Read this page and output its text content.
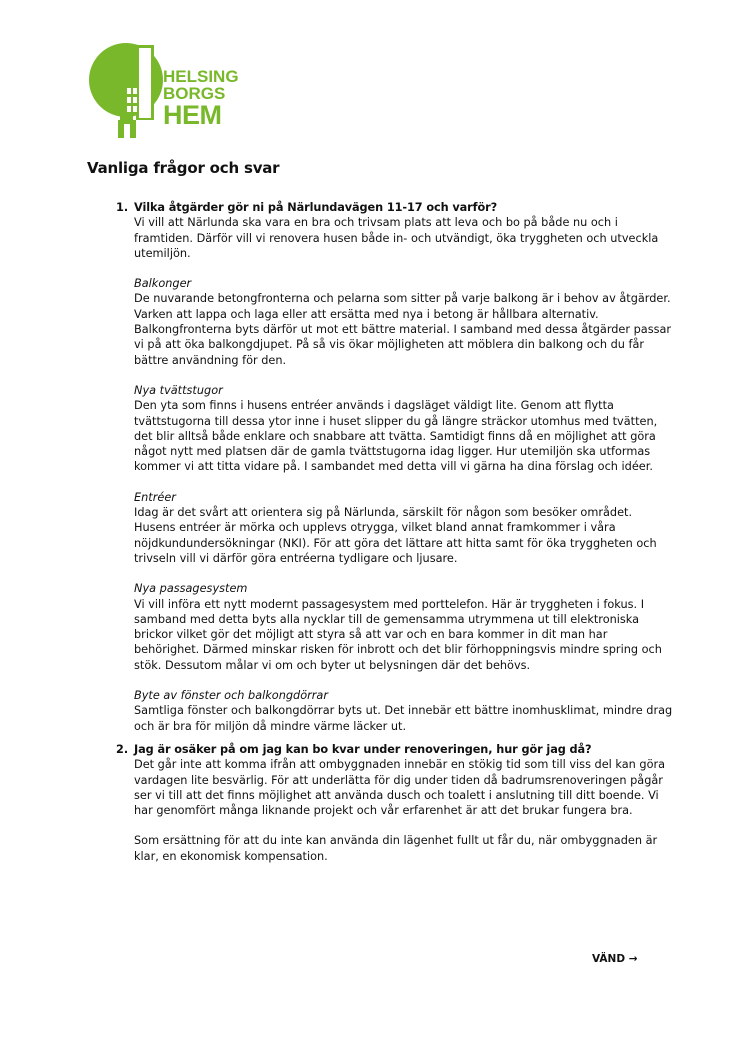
HELSING
BORGS
HEM
Vanliga frågor och svar
1. Vilka åtgärder gör ni på Närlundavägen 11-17 och varför?

Vi vill att Närlunda ska vara en bra och trivsam plats att leva och bo på både nu och i framtiden. Därför vill vi renovera husen både in- och utvändigt, öka tryggheten och utveckla utemiljön.

Balkonger

De nuvarande betongfronterna och pelarna som sitter på varje balkong är i behov av åtgärder. Varken att lappa och laga eller att ersätta med nya i betong är hållbara alternativ. Balkongfronterna byts därför ut mot ett bättre material. I samband med dessa åtgärder passar vi på att öka balkongdjupet. På så vis ökar möjligheten att möblera din balkong och du får bättre användning för den.

Nya tvättstugor

Den yta som finns i husens entréer används i dagsläget väldigt lite. Genom att flytta tvättstugorna till dessa ytor inne i huset slipper du gå längre sträckor utomhus med tvätten, det blir alltså både enklare och snabbare att tvätta. Samtidigt finns då en möjlighet att göra något nytt med platsen där de gamla tvättstugorna idag ligger. Hur utemiljön ska utformas kommer vi att titta vidare på. I sambandet med detta vill vi gärna ha dina förslag och idéer.

Entréer

Idag är det svårt att orientera sig på Närlunda, särskilt för någon som besöker området. Husens entréer är mörka och upplevs otrygga, vilket bland annat framkommer i våra nöjdkundundersökningar (NKI). För att göra det lättare att hitta samt för öka tryggheten och trivseln vill vi därför göra entréerna tydligare och ljusare.

Nya passagesystem

Vi vill införa ett nytt modernt passagesystem med porttelefon. Här är tryggheten i fokus. I samband med detta byts alla nycklar till de gemensamma utrymmena ut till elektroniska brickor vilket gör det möjligt att styra så att var och en bara kommer in dit man har behörighet. Därmed minskar risken för inbrott och det blir förhoppningsvis mindre spring och stök. Dessutom målar vi om och byter ut belysningen där det behövs.

Byte av fönster och balkongdörrar

Samtliga fönster och balkongdörrar byts ut. Det innebär ett bättre inomhusklimat, mindre drag och är bra för miljön då mindre värme läcker ut.

2. Jag är osäker på om jag kan bo kvar under renoveringen, hur gör jag då?

Det går inte att komma ifrån att ombyggnaden innebär en stökig tid som till viss del kan göra vardagen lite besvärlig. För att underlätta för dig under tiden då badrumsrenoveringen pågår ser vi till att det finns möjlighet att använda dusch och toalett i anslutning till ditt boende. Vi har genomfört många liknande projekt och vår erfarenhet är att det brukar fungera bra.

Som ersättning för att du inte kan använda din lägenhet fullt ut får du, när ombyggnaden är klar, en ekonomisk kompensation.

VÄND →
